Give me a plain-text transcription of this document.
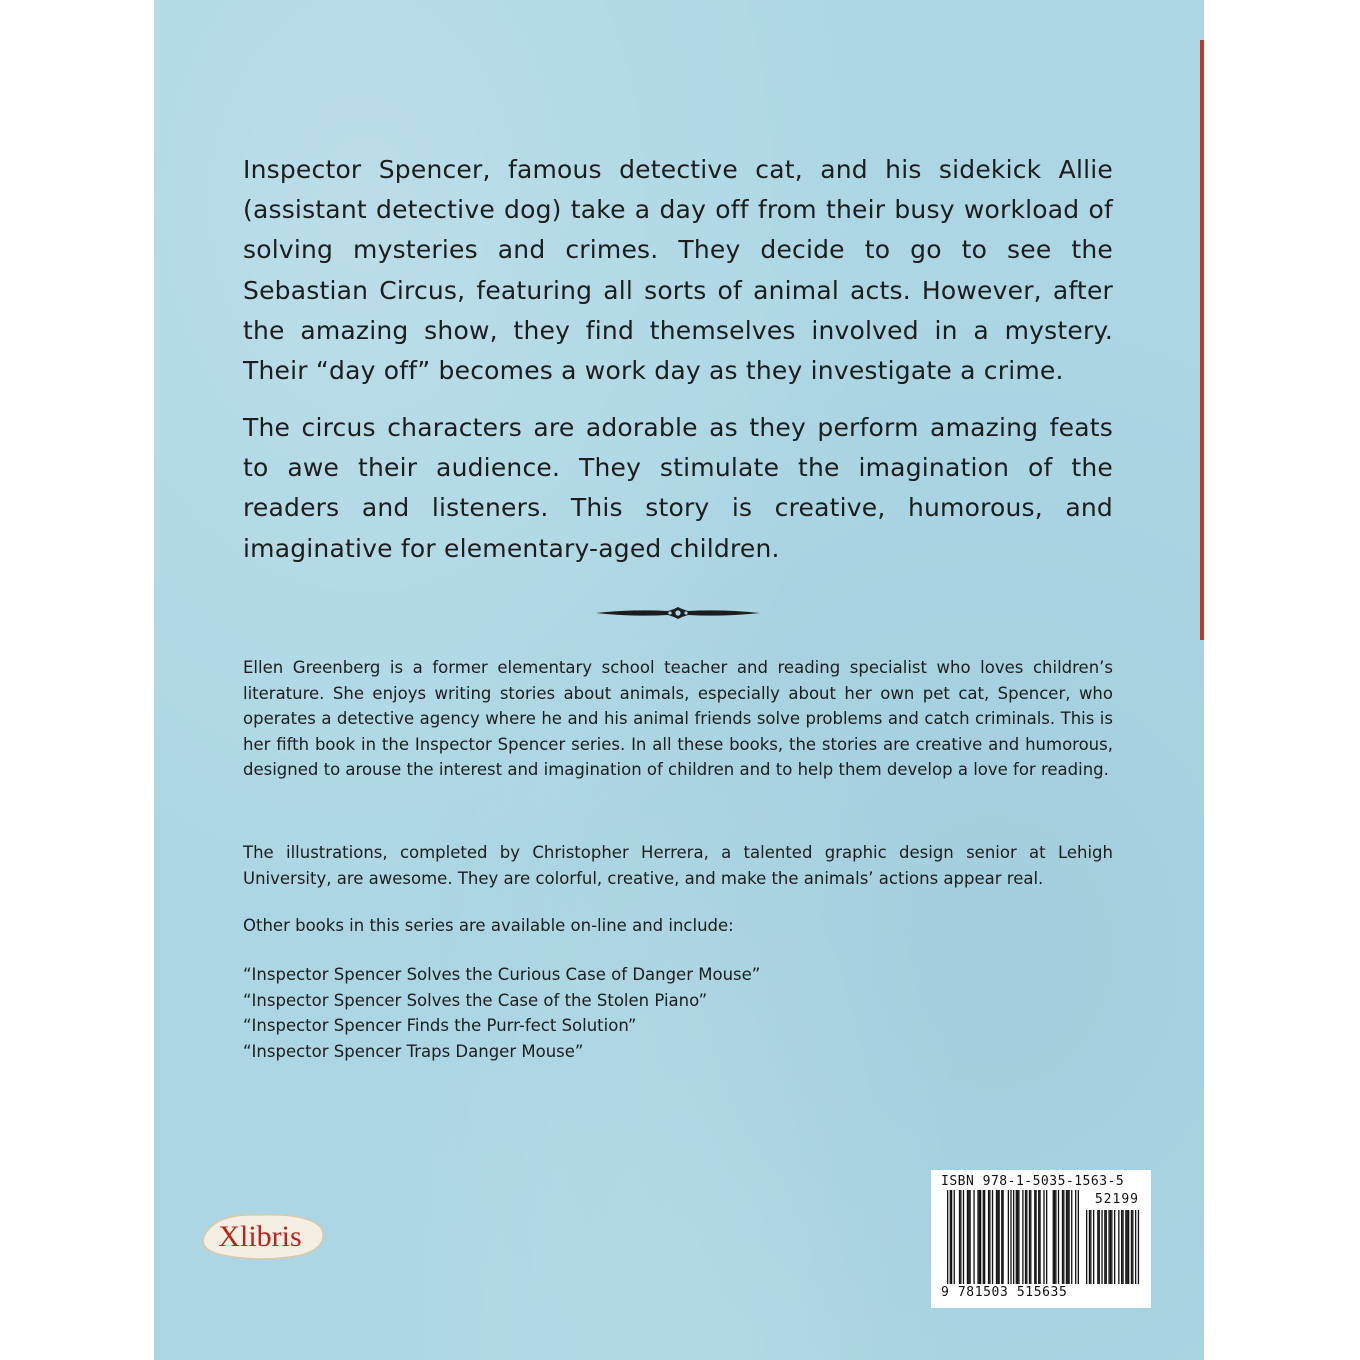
Inspector Spencer, famous detective cat, and his sidekick Allie (assistant detective dog) take a day off from their busy workload of solving mysteries and crimes. They decide to go to see the Sebastian Circus, featuring all sorts of animal acts. However, after the amazing show, they find themselves involved in a mystery. Their “day off” becomes a work day as they investigate a crime.

The circus characters are adorable as they perform amazing feats to awe their audience. They stimulate the imagination of the readers and listeners. This story is creative, humorous, and imaginative for elementary-aged children.

Ellen Greenberg is a former elementary school teacher and reading specialist who loves children’s literature. She enjoys writing stories about animals, especially about her own pet cat, Spencer, who operates a detective agency where he and his animal friends solve problems and catch criminals. This is her fifth book in the Inspector Spencer series. In all these books, the stories are creative and humorous, designed to arouse the interest and imagination of children and to help them develop a love for reading.

The illustrations, completed by Christopher Herrera, a talented graphic design senior at Lehigh University, are awesome. They are colorful, creative, and make the animals’ actions appear real.

Other books in this series are available on-line and include:

“Inspector Spencer Solves the Curious Case of Danger Mouse”
“Inspector Spencer Solves the Case of the Stolen Piano”
“Inspector Spencer Finds the Purr-fect Solution”
“Inspector Spencer Traps Danger Mouse”
Xlibris
ISBN 978-1-5035-1563-5
52199
9 781503 515635
